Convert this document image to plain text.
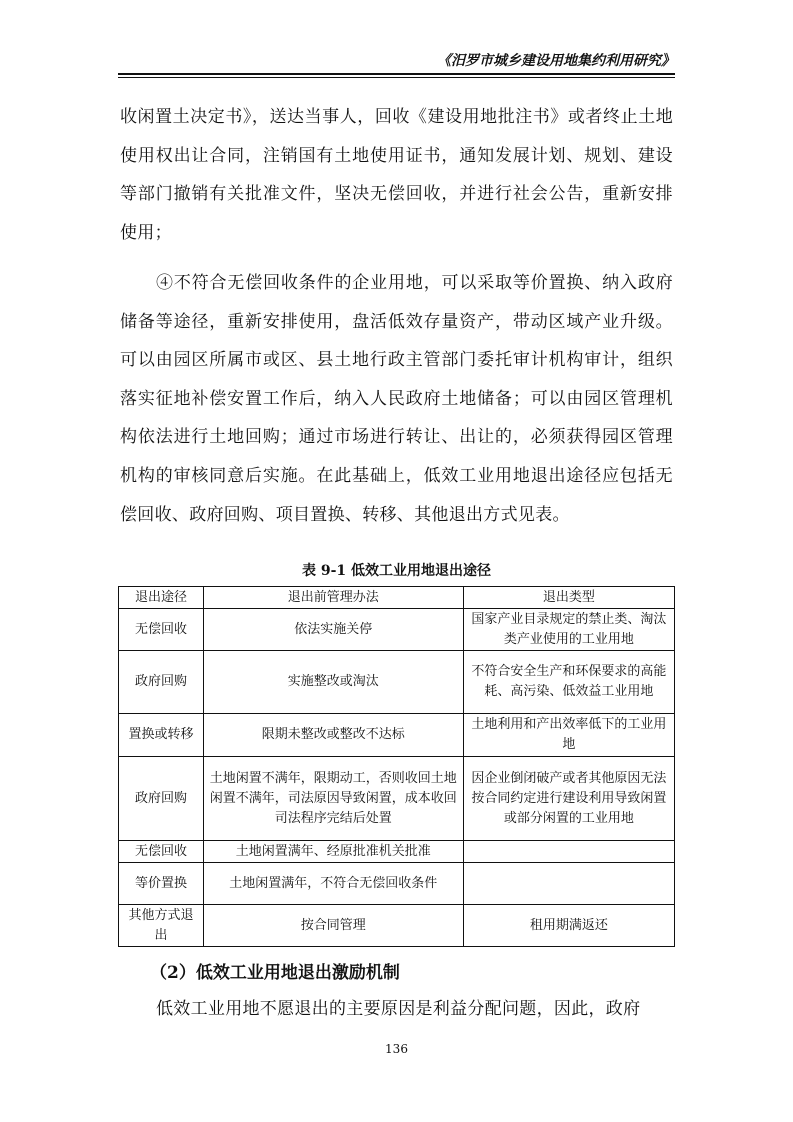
《汨罗市城乡建设用地集约利用研究》

收闲置土决定书》，送达当事人，回收《建设用地批注书》或者终止土地使用权出让合同，注销国有土地使用证书，通知发展计划、规划、建设等部门撤销有关批准文件，坚决无偿回收，并进行社会公告，重新安排使用；

④不符合无偿回收条件的企业用地，可以采取等价置换、纳入政府储备等途径，重新安排使用，盘活低效存量资产，带动区域产业升级。可以由园区所属市或区、县土地行政主管部门委托审计机构审计，组织落实征地补偿安置工作后，纳入人民政府土地储备；可以由园区管理机构依法进行土地回购；通过市场进行转让、出让的，必须获得园区管理机构的审核同意后实施。在此基础上，低效工业用地退出途径应包括无偿回收、政府回购、项目置换、转移、其他退出方式见表。

表 9-1 低效工业用地退出途径
退出途径	退出前管理办法	退出类型
无偿回收	依法实施关停	国家产业目录规定的禁止类、淘汰类产业使用的工业用地
政府回购	实施整改或淘汰	不符合安全生产和环保要求的高能耗、高污染、低效益工业用地
置换或转移	限期未整改或整改不达标	土地利用和产出效率低下的工业用地
政府回购	土地闲置不满年，限期动工，否则收回土地闲置不满年，司法原因导致闲置，成本收回司法程序完结后处置	因企业倒闭破产或者其他原因无法按合同约定进行建设利用导致闲置或部分闲置的工业用地
无偿回收	土地闲置满年、经原批准机关批准	
等价置换	土地闲置满年，不符合无偿回收条件	
其他方式退出	按合同管理	租用期满返还
（2）低效工业用地退出激励机制

低效工业用地不愿退出的主要原因是利益分配问题，因此，政府

136
